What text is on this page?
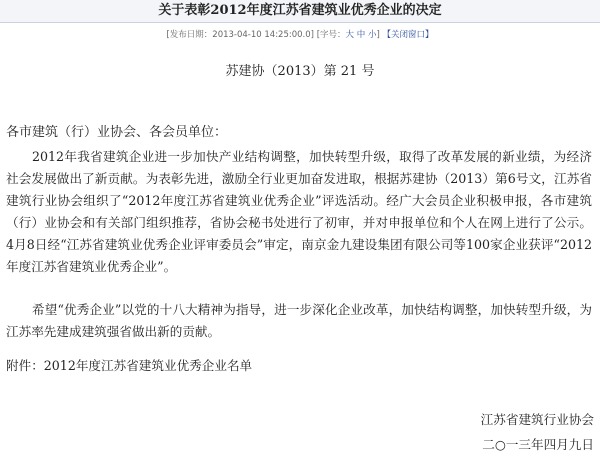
关于表彰2012年度江苏省建筑业优秀企业的决定
[发布日期：2013-04-10 14:25:00.0] [字号：大 中 小] 【关闭窗口】
苏建协（2013）第 21 号
各市建筑（行）业协会、各会员单位：

2012年我省建筑企业进一步加快产业结构调整，加快转型升级，取得了改革发展的新业绩，为经济社会发展做出了新贡献。为表彰先进，激励全行业更加奋发进取，根据苏建协（2013）第6号文，江苏省建筑行业协会组织了“2012年度江苏省建筑业优秀企业”评选活动。经广大会员企业积极申报，各市建筑（行）业协会和有关部门组织推荐，省协会秘书处进行了初审，并对申报单位和个人在网上进行了公示。4月8日经“江苏省建筑业优秀企业评审委员会”审定，南京金九建设集团有限公司等100家企业获评“2012年度江苏省建筑业优秀企业”。

希望“优秀企业”以党的十八大精神为指导，进一步深化企业改革，加快结构调整，加快转型升级，为江苏率先建成建筑强省做出新的贡献。

附件：2012年度江苏省建筑业优秀企业名单
江苏省建筑行业协会
二○一三年四月九日
